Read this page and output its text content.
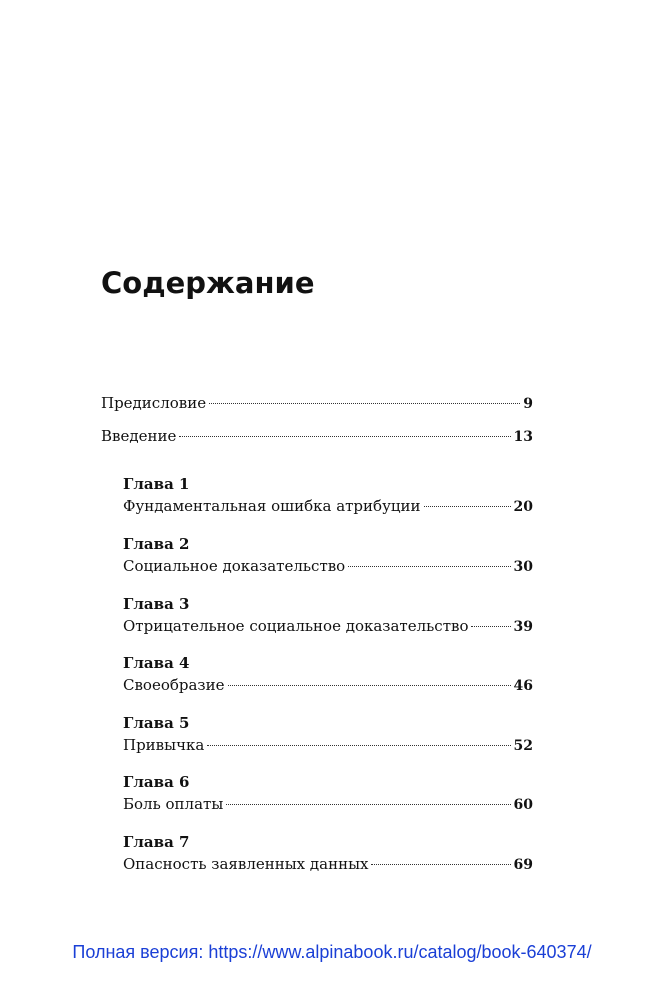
Содержание
Предисловие	9
Введение	13
Глава 1
Фундаментальная ошибка атрибуции	20
Глава 2
Социальное доказательство	30
Глава 3
Отрицательное социальное доказательство	39
Глава 4
Своеобразие	46
Глава 5
Привычка	52
Глава 6
Боль оплаты	60
Глава 7
Опасность заявленных данных	69
Полная версия: https://www.alpinabook.ru/catalog/book-640374/
